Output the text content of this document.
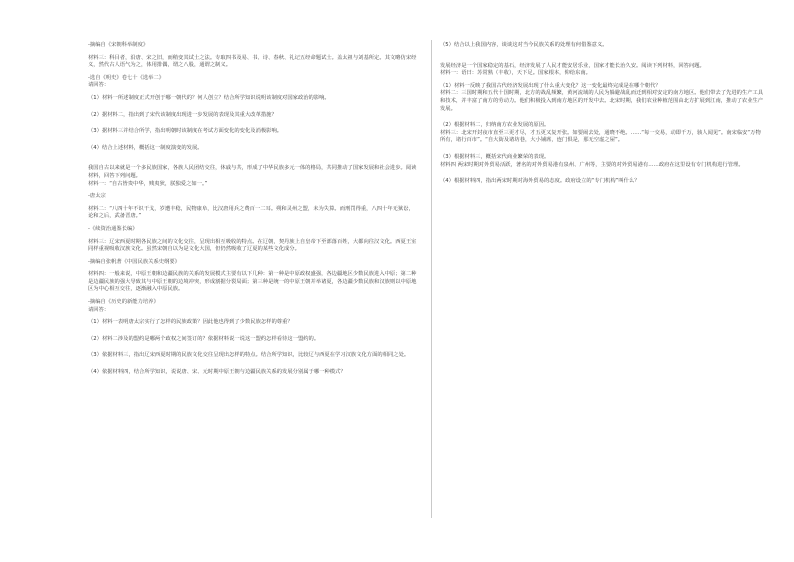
-摘编自《宋朝科举制度》

材料三：科目者，沿唐、宋之旧，而稍变其试士之法。专取四书及易、书、诗、春秋、礼记五经命题试士。盖太祖与刘基所定。其文略仿宋经义，然代古人语气为之，体用排偶，谓之八股，通谓之制义。

-选自《明史》卷七十《选举二》

请回答：

（1）材料一所述制度正式开创于哪一朝代的？何人创立？结合所学知识说明该制度对国家政治的影响。

（2）据材料二，指出到了宋代该制度出现进一步发展的表现及其重大改革措施？

（3）据材料三并结合所学，指出明朝时该制度在考试方面变化的变化及消极影响。

（4）结合上述材料，概括这一制度演变的发展。

我国自古以来就是一个多民族国家，各族人民团结交往，休戚与共，形成了中华民族多元一体的格局，共同推动了国家发展和社会进步。阅读材料，回答下列问题。

材料一：“自古皆贵中华，贱夷狄，朕独爱之如一。”

-唐太宗

材料二：“八四十年不识干戈，岁遭丰稔，民物康阜，比汉唐用兵之费百一二耳。朔和灵州之盟，未为失算。而刑罚得重，八四十年无狱讼，论和之后，武备晋唐。”

-《续资治通鉴长编》

材料三：辽宋西夏时期各民族之间的文化交往，呈现出相互吸收的特点。在辽朝，契丹族上自皇帝下至部落百姓，大都向往汉文化。西夏王室同样重视吸收汉族文化。虽然宋朝自以为是文化大国，但仍然吸收了辽夏的某些文化成分。

-摘编自张帆著《中国民族关系史纲要》

材料四：一般来说，中原王朝和边疆民族的关系的发展模式主要有以下几种：第一种是中原政权盛强，各边疆地区少数民族进入中原；第二种是边疆民族的强大导致其与中原王朝的边境冲突，形成割据分裂局面；第三种是统一的中原王朝并举诸夏，各边疆少数民族和汉族则以中原地区为中心相互交往，逐渐融入中原民族。

-摘编自《历史的新能力培养》

请回答：

（1）材料一表明唐太宗实行了怎样的民族政策？因此他也得到了少数民族怎样的尊重？

（2）材料二涉及的盟约是哪两个政权之间签订的？依据材料说一说这一盟约怎样看待这一盟约的。

（3）依据材料三，指出辽宋西夏时期的民族文化交往呈现出怎样的特点。结合所学知识，比较辽与西夏在学习汉族文化方面的相同之处。

（4）依据材料四，结合所学知识，说说唐、宋、元时期中原王朝与边疆民族关系的发展分别属于哪一种模式？

（5）结合以上我国内容，谈谈这对当今民族关系的处理有何借鉴意义。

发展经济是一个国家稳定的基石，经济发展了人民才能安居乐业，国家才能长治久安。阅读下列材料，回答问题。

材料一：语曰：苏常熟（丰收），天下足。国家根本，仰给东南。

（1）材料一反映了我国古代经济发展出现了什么重大变化？这一变化最终完成是在哪个朝代？

材料二：三国时期和五代十国时期，北方的战乱频繁，黄河流域的人民为躲避战乱而迁到相对安定的南方地区。他们带去了先进的生产工具和技术，并丰富了南方的劳动力。他们积极投入到南方地区的开发中去。北宋时期，我们农业种植范围由北方扩展到江南，推动了农业生产发展。

（2）根据材料二，归纳南方农业发展的原因。

材料三：北宋开封夜市直至三更才尽，才五更又复开张。如要闹去处，通晓不绝。……“每一交易，动即千万，骇人闻见”。南宋临安“万物所有，诸行百市”。“自大街及诸坊巷，大小铺席，连门俱是，那无空虚之屋”。

（3）根据材料三，概括宋代商业繁荣的表现。

材料四 两宋时期对外贸易活跃，著名的对外贸易港有泉州、广州等，主要的对外贸易港有……政府在这里设有专门机构进行管理。

（4）根据材料四，指出两宋时期对海外贸易的态度。政府设立的“专门机构”叫什么？
